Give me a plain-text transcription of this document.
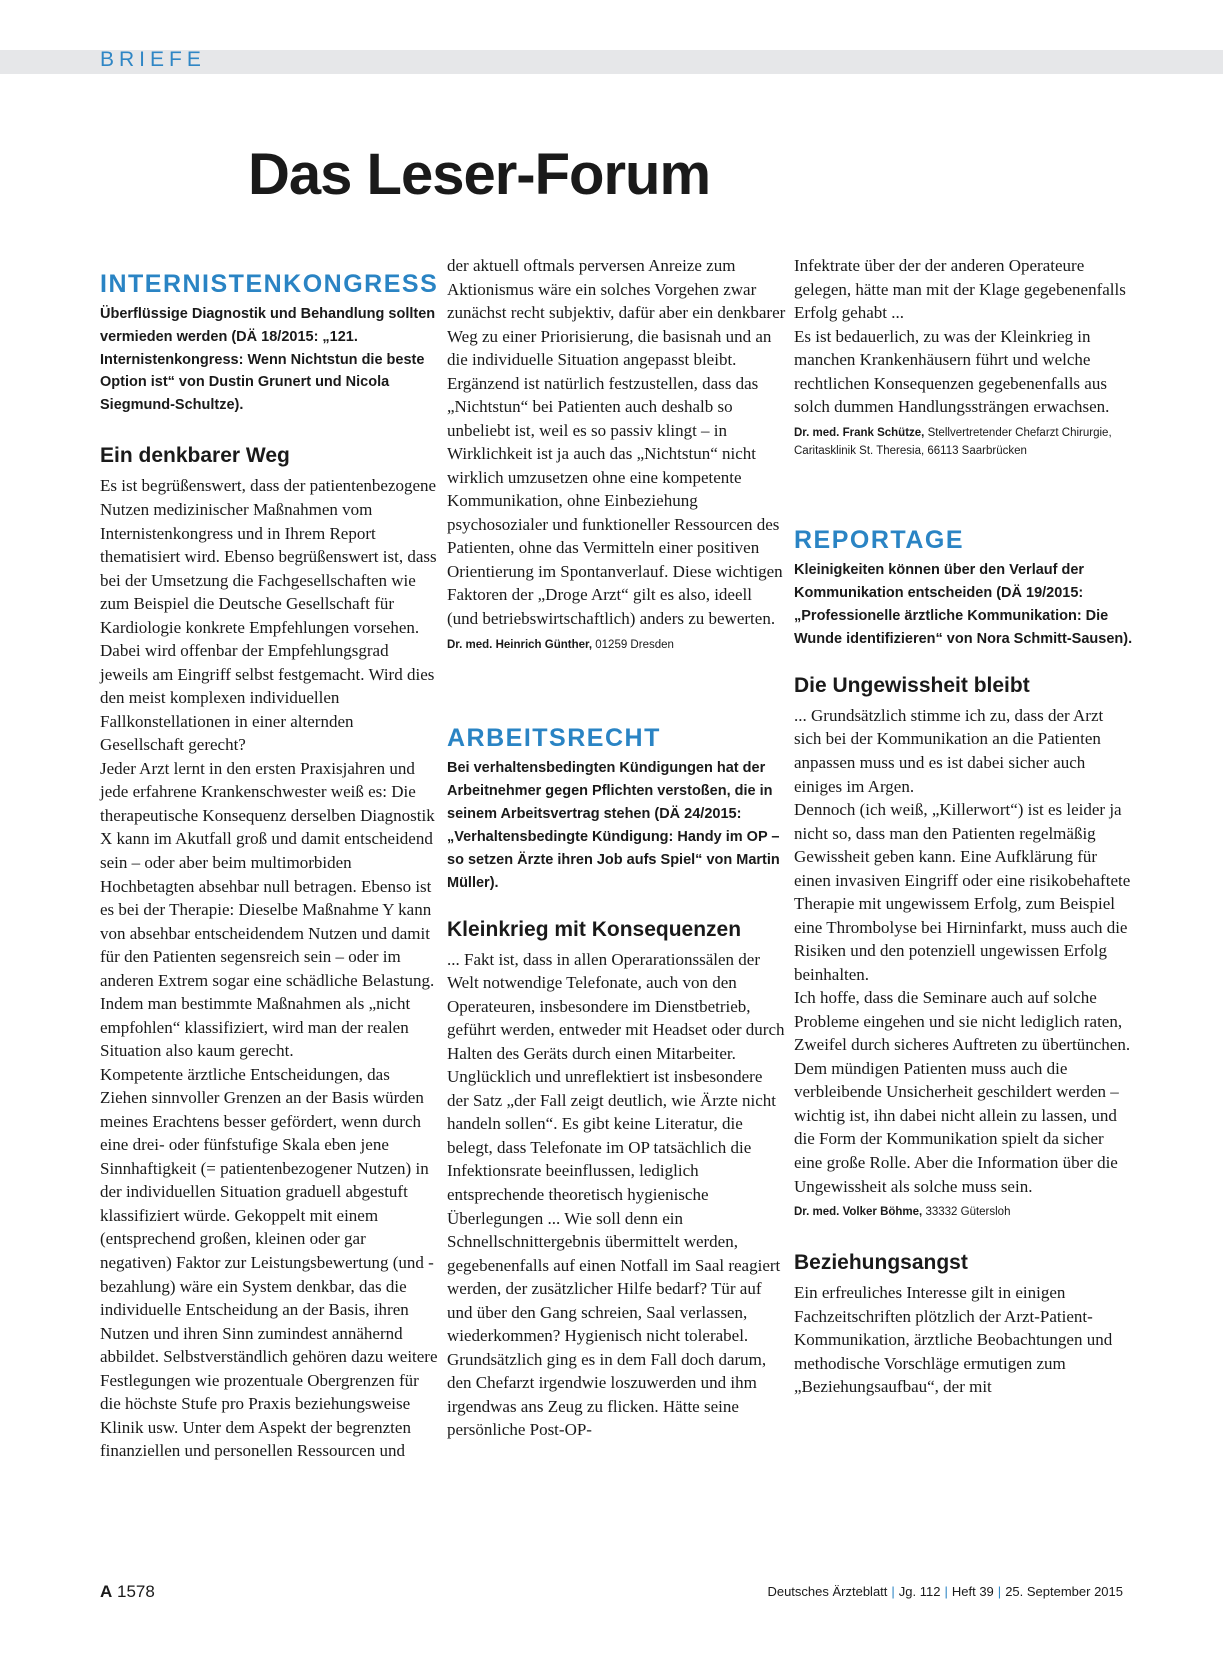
BRIEFE
Das Leser-Forum
INTERNISTENKONGRESS
Überflüssige Diagnostik und Behandlung sollten vermieden werden (DÄ 18/2015: „121. Internistenkongress: Wenn Nichtstun die beste Option ist“ von Dustin Grunert und Nicola Siegmund-Schultze).
Ein denkbarer Weg

Es ist begrüßenswert, dass der patientenbezogene Nutzen medizinischer Maßnahmen vom Internistenkongress und in Ihrem Report thematisiert wird. Ebenso begrüßenswert ist, dass bei der Umsetzung die Fachgesellschaften wie zum Beispiel die Deutsche Gesellschaft für Kardiologie konkrete Empfehlungen vorsehen. Dabei wird offenbar der Empfehlungsgrad jeweils am Eingriff selbst festgemacht. Wird dies den meist komplexen individuellen Fallkonstellationen in einer alternden Gesellschaft gerecht?

Jeder Arzt lernt in den ersten Praxisjahren und jede erfahrene Krankenschwester weiß es: Die therapeutische Konsequenz derselben Diagnostik X kann im Akutfall groß und damit entscheidend sein – oder aber beim multimorbiden Hochbetagten absehbar null betragen. Ebenso ist es bei der Therapie: Dieselbe Maßnahme Y kann von absehbar entscheidendem Nutzen und damit für den Patienten segensreich sein – oder im anderen Extrem sogar eine schädliche Belastung. Indem man bestimmte Maßnahmen als „nicht empfohlen“ klassifiziert, wird man der realen Situation also kaum gerecht.

Kompetente ärztliche Entscheidungen, das Ziehen sinnvoller Grenzen an der Basis würden meines Erachtens besser gefördert, wenn durch eine drei- oder fünfstufige Skala eben jene Sinnhaftigkeit (= patientenbezogener Nutzen) in der individuellen Situation graduell abgestuft klassifiziert würde. Gekoppelt mit einem (entsprechend großen, kleinen oder gar negativen) Faktor zur Leistungsbewertung (und -bezahlung) wäre ein System denkbar, das die individuelle Entscheidung an der Basis, ihren Nutzen und ihren Sinn zumindest annähernd abbildet. Selbstverständlich gehören dazu weitere Festlegungen wie prozentuale Obergrenzen für die höchste Stufe pro Praxis beziehungsweise Klinik usw. Unter dem Aspekt der begrenzten finanziellen und personellen Ressourcen und

der aktuell oftmals perversen Anreize zum Aktionismus wäre ein solches Vorgehen zwar zunächst recht subjektiv, dafür aber ein denkbarer Weg zu einer Priorisierung, die basisnah und an die individuelle Situation angepasst bleibt.

Ergänzend ist natürlich festzustellen, dass das „Nichtstun“ bei Patienten auch deshalb so unbeliebt ist, weil es so passiv klingt – in Wirklichkeit ist ja auch das „Nichtstun“ nicht wirklich umzusetzen ohne eine kompetente Kommunikation, ohne Einbeziehung psychosozialer und funktioneller Ressourcen des Patienten, ohne das Vermitteln einer positiven Orientierung im Spontanverlauf. Diese wichtigen Faktoren der „Droge Arzt“ gilt es also, ideell (und betriebswirtschaftlich) anders zu bewerten.

Dr. med. Heinrich Günther, 01259 Dresden
ARBEITSRECHT
Bei verhaltensbedingten Kündigungen hat der Arbeitnehmer gegen Pflichten verstoßen, die in seinem Arbeitsvertrag stehen (DÄ 24/2015: „Verhaltensbedingte Kündigung: Handy im OP – so setzen Ärzte ihren Job aufs Spiel“ von Martin Müller).
Kleinkrieg mit Konsequenzen

... Fakt ist, dass in allen Operarationssälen der Welt notwendige Telefonate, auch von den Operateuren, insbesondere im Dienstbetrieb, geführt werden, entweder mit Headset oder durch Halten des Geräts durch einen Mitarbeiter. Unglücklich und unreflektiert ist insbesondere der Satz „der Fall zeigt deutlich, wie Ärzte nicht handeln sollen“. Es gibt keine Literatur, die belegt, dass Telefonate im OP tatsächlich die Infektionsrate beeinflussen, lediglich entsprechende theoretisch hygienische Überlegungen ... Wie soll denn ein Schnellschnittergebnis übermittelt werden, gegebenenfalls auf einen Notfall im Saal reagiert werden, der zusätzlicher Hilfe bedarf? Tür auf und über den Gang schreien, Saal verlassen, wiederkommen? Hygienisch nicht tolerabel. Grundsätzlich ging es in dem Fall doch darum, den Chefarzt irgendwie loszuwerden und ihm irgendwas ans Zeug zu flicken. Hätte seine persönliche Post-OP-

Infektrate über der der anderen Operateure gelegen, hätte man mit der Klage gegebenenfalls Erfolg gehabt ...

Es ist bedauerlich, zu was der Kleinkrieg in manchen Krankenhäusern führt und welche rechtlichen Konsequenzen gegebenenfalls aus solch dummen Handlungssträngen erwachsen.

Dr. med. Frank Schütze, Stellvertretender Chefarzt Chirurgie, Caritasklinik St. Theresia, 66113 Saarbrücken
REPORTAGE
Kleinigkeiten können über den Verlauf der Kommunikation entscheiden (DÄ 19/2015: „Professionelle ärztliche Kommunikation: Die Wunde identifizieren“ von Nora Schmitt-Sausen).
Die Ungewissheit bleibt

... Grundsätzlich stimme ich zu, dass der Arzt sich bei der Kommunikation an die Patienten anpassen muss und es ist dabei sicher auch einiges im Argen.

Dennoch (ich weiß, „Killerwort“) ist es leider ja nicht so, dass man den Patienten regelmäßig Gewissheit geben kann. Eine Aufklärung für einen invasiven Eingriff oder eine risikobehaftete Therapie mit ungewissem Erfolg, zum Beispiel eine Thrombolyse bei Hirninfarkt, muss auch die Risiken und den potenziell ungewissen Erfolg beinhalten.

Ich hoffe, dass die Seminare auch auf solche Probleme eingehen und sie nicht lediglich raten, Zweifel durch sicheres Auftreten zu übertünchen.

Dem mündigen Patienten muss auch die verbleibende Unsicherheit geschildert werden – wichtig ist, ihn dabei nicht allein zu lassen, und die Form der Kommunikation spielt da sicher eine große Rolle. Aber die Information über die Ungewissheit als solche muss sein.

Dr. med. Volker Böhme, 33332 Gütersloh
Beziehungsangst

Ein erfreuliches Interesse gilt in einigen Fachzeitschriften plötzlich der Arzt-Patient-Kommunikation, ärztliche Beobachtungen und methodische Vorschläge ermutigen zum „Beziehungsaufbau“, der mit

A 1578	Deutsches Ärzteblatt | Jg. 112 | Heft 39 | 25. September 2015
